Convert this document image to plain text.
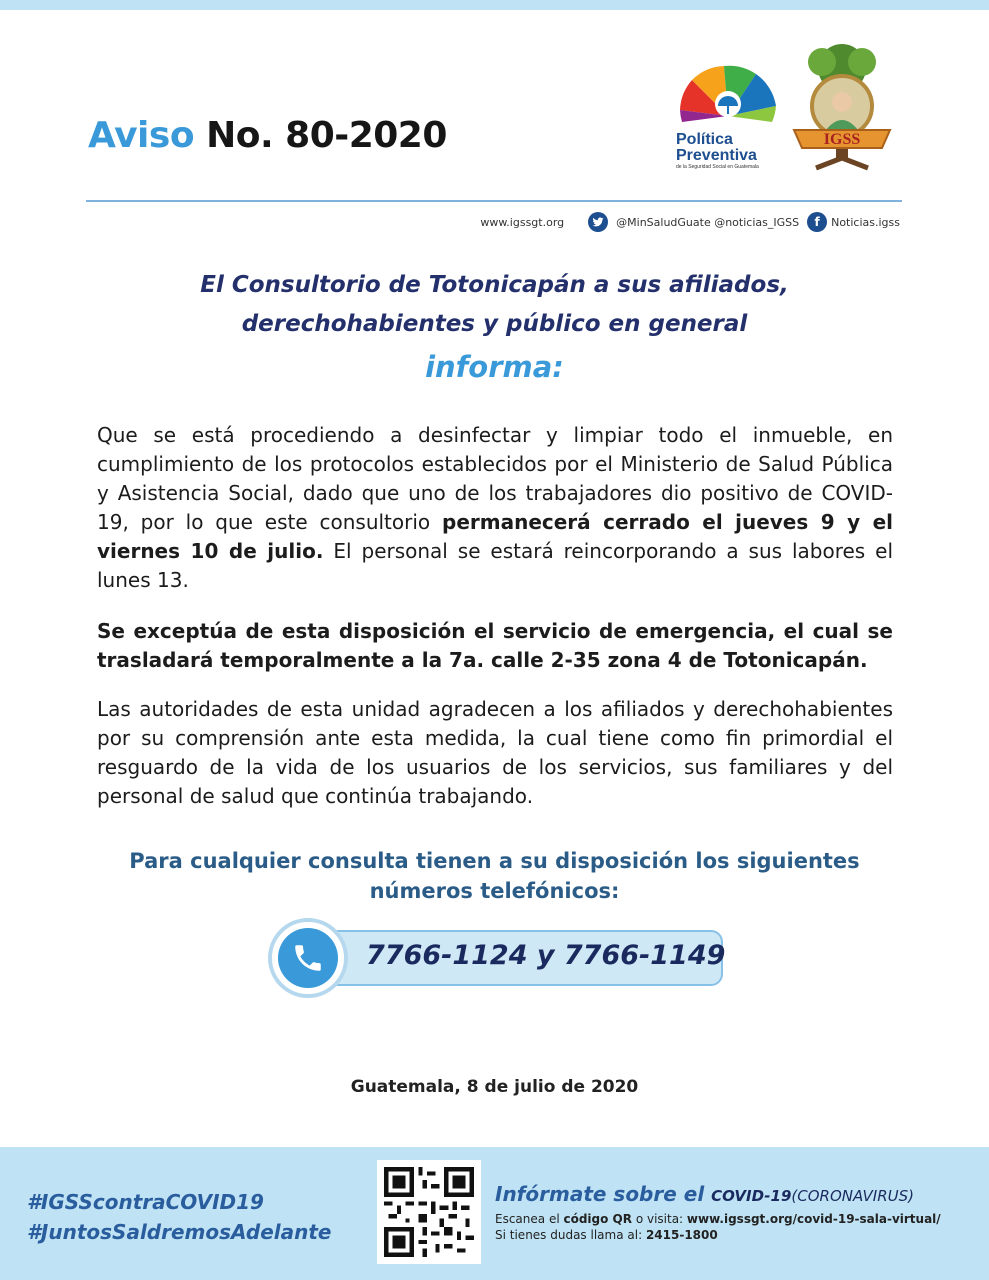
Aviso No. 80-2020	Política
Preventiva
de la Seguridad Social en Guatemala
IGSS
www.igssgt.org	@MinSaludGuate @noticias_IGSS	f	Noticias.igss
El Consultorio de Totonicapán a sus afiliados,
derechohabientes y público en general
informa:
Que se está procediendo a desinfectar y limpiar todo el inmueble, en cumplimiento de los protocolos establecidos por el Ministerio de Salud Pública y Asistencia Social, dado que uno de los trabajadores dio positivo de COVID-19, por lo que este consultorio permanecerá cerrado el jueves 9 y el viernes 10 de julio. El personal se estará reincorporando a sus labores el lunes 13.
Se exceptúa de esta disposición el servicio de emergencia, el cual se trasladará temporalmente a la 7a. calle 2-35 zona 4 de Totonicapán.
Las autoridades de esta unidad agradecen a los afiliados y derechohabientes por su comprensión ante esta medida, la cual tiene como fin primordial el resguardo de la vida de los usuarios de los servicios, sus familiares y del personal de salud que continúa trabajando.
Para cualquier consulta tienen a su disposición los siguientes
números telefónicos:
7766-1124 y 7766-1149
Guatemala, 8 de julio de 2020
#IGSScontraCOVID19
#JuntosSaldremosAdelante
Infórmate sobre el COVID-19(CORONAVIRUS)
Escanea el código QR o visita: www.igssgt.org/covid-19-sala-virtual/
Si tienes dudas llama al: 2415-1800
